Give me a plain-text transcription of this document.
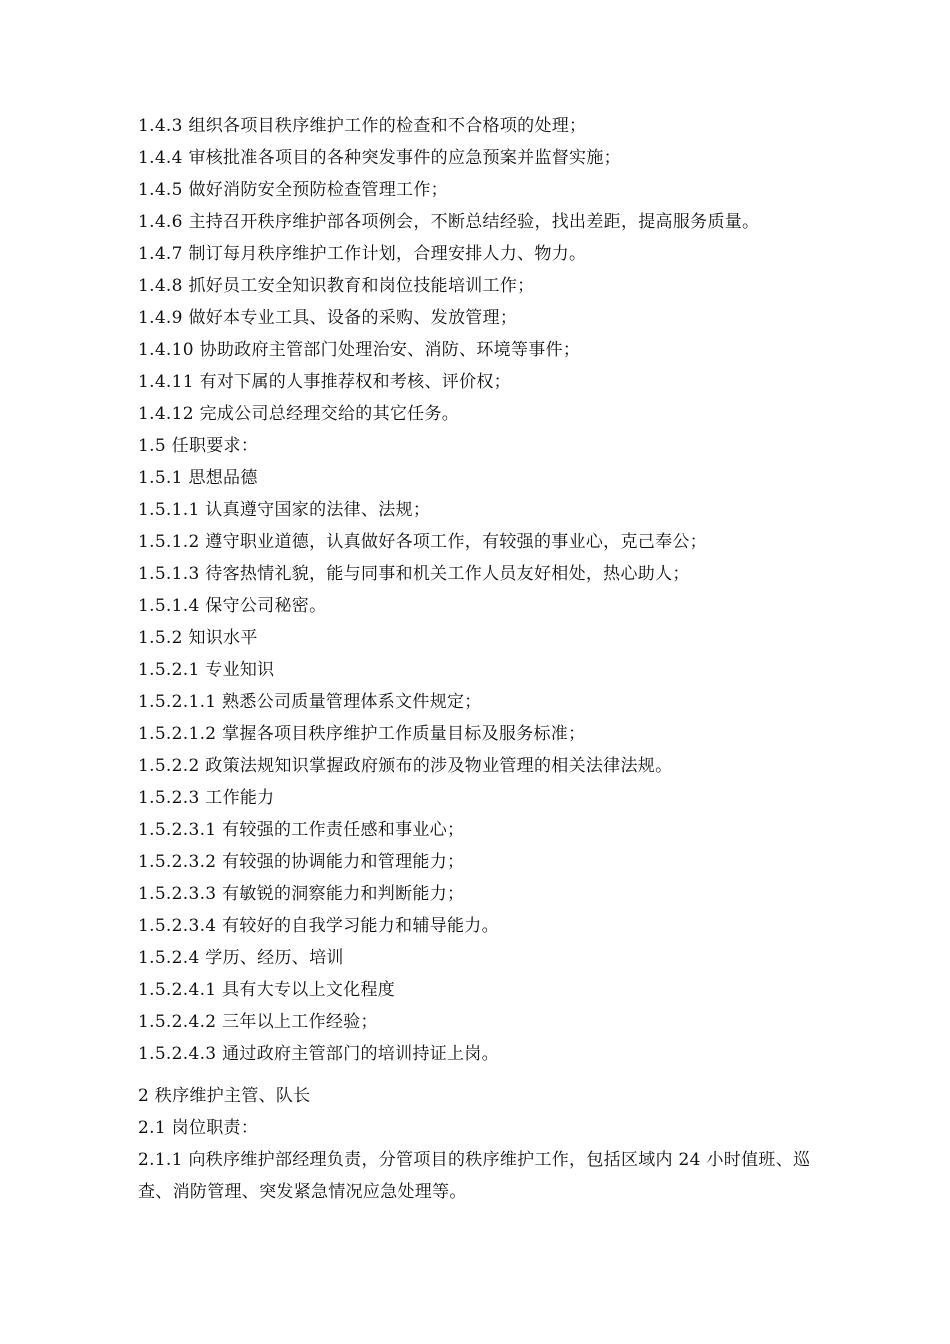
1.4.3 组织各项目秩序维护工作的检查和不合格项的处理；
1.4.4 审核批准各项目的各种突发事件的应急预案并监督实施；
1.4.5 做好消防安全预防检查管理工作；
1.4.6 主持召开秩序维护部各项例会，不断总结经验，找出差距，提高服务质量。
1.4.7 制订每月秩序维护工作计划，合理安排人力、物力。
1.4.8 抓好员工安全知识教育和岗位技能培训工作；
1.4.9 做好本专业工具、设备的采购、发放管理；
1.4.10 协助政府主管部门处理治安、消防、环境等事件；
1.4.11 有对下属的人事推荐权和考核、评价权；
1.4.12 完成公司总经理交给的其它任务。
1.5 任职要求：
1.5.1 思想品德
1.5.1.1 认真遵守国家的法律、法规；
1.5.1.2 遵守职业道德，认真做好各项工作，有较强的事业心，克己奉公；
1.5.1.3 待客热情礼貌，能与同事和机关工作人员友好相处，热心助人；
1.5.1.4 保守公司秘密。
1.5.2 知识水平
1.5.2.1 专业知识
1.5.2.1.1 熟悉公司质量管理体系文件规定；
1.5.2.1.2 掌握各项目秩序维护工作质量目标及服务标准；
1.5.2.2 政策法规知识掌握政府颁布的涉及物业管理的相关法律法规。
1.5.2.3 工作能力
1.5.2.3.1 有较强的工作责任感和事业心；
1.5.2.3.2 有较强的协调能力和管理能力；
1.5.2.3.3 有敏锐的洞察能力和判断能力；
1.5.2.3.4 有较好的自我学习能力和辅导能力。
1.5.2.4 学历、经历、培训
1.5.2.4.1 具有大专以上文化程度
1.5.2.4.2 三年以上工作经验；
1.5.2.4.3 通过政府主管部门的培训持证上岗。
2 秩序维护主管、队长
2.1 岗位职责：
2.1.1 向秩序维护部经理负责，分管项目的秩序维护工作，包括区域内 24 小时值班、巡查、消防管理、突发紧急情况应急处理等。
